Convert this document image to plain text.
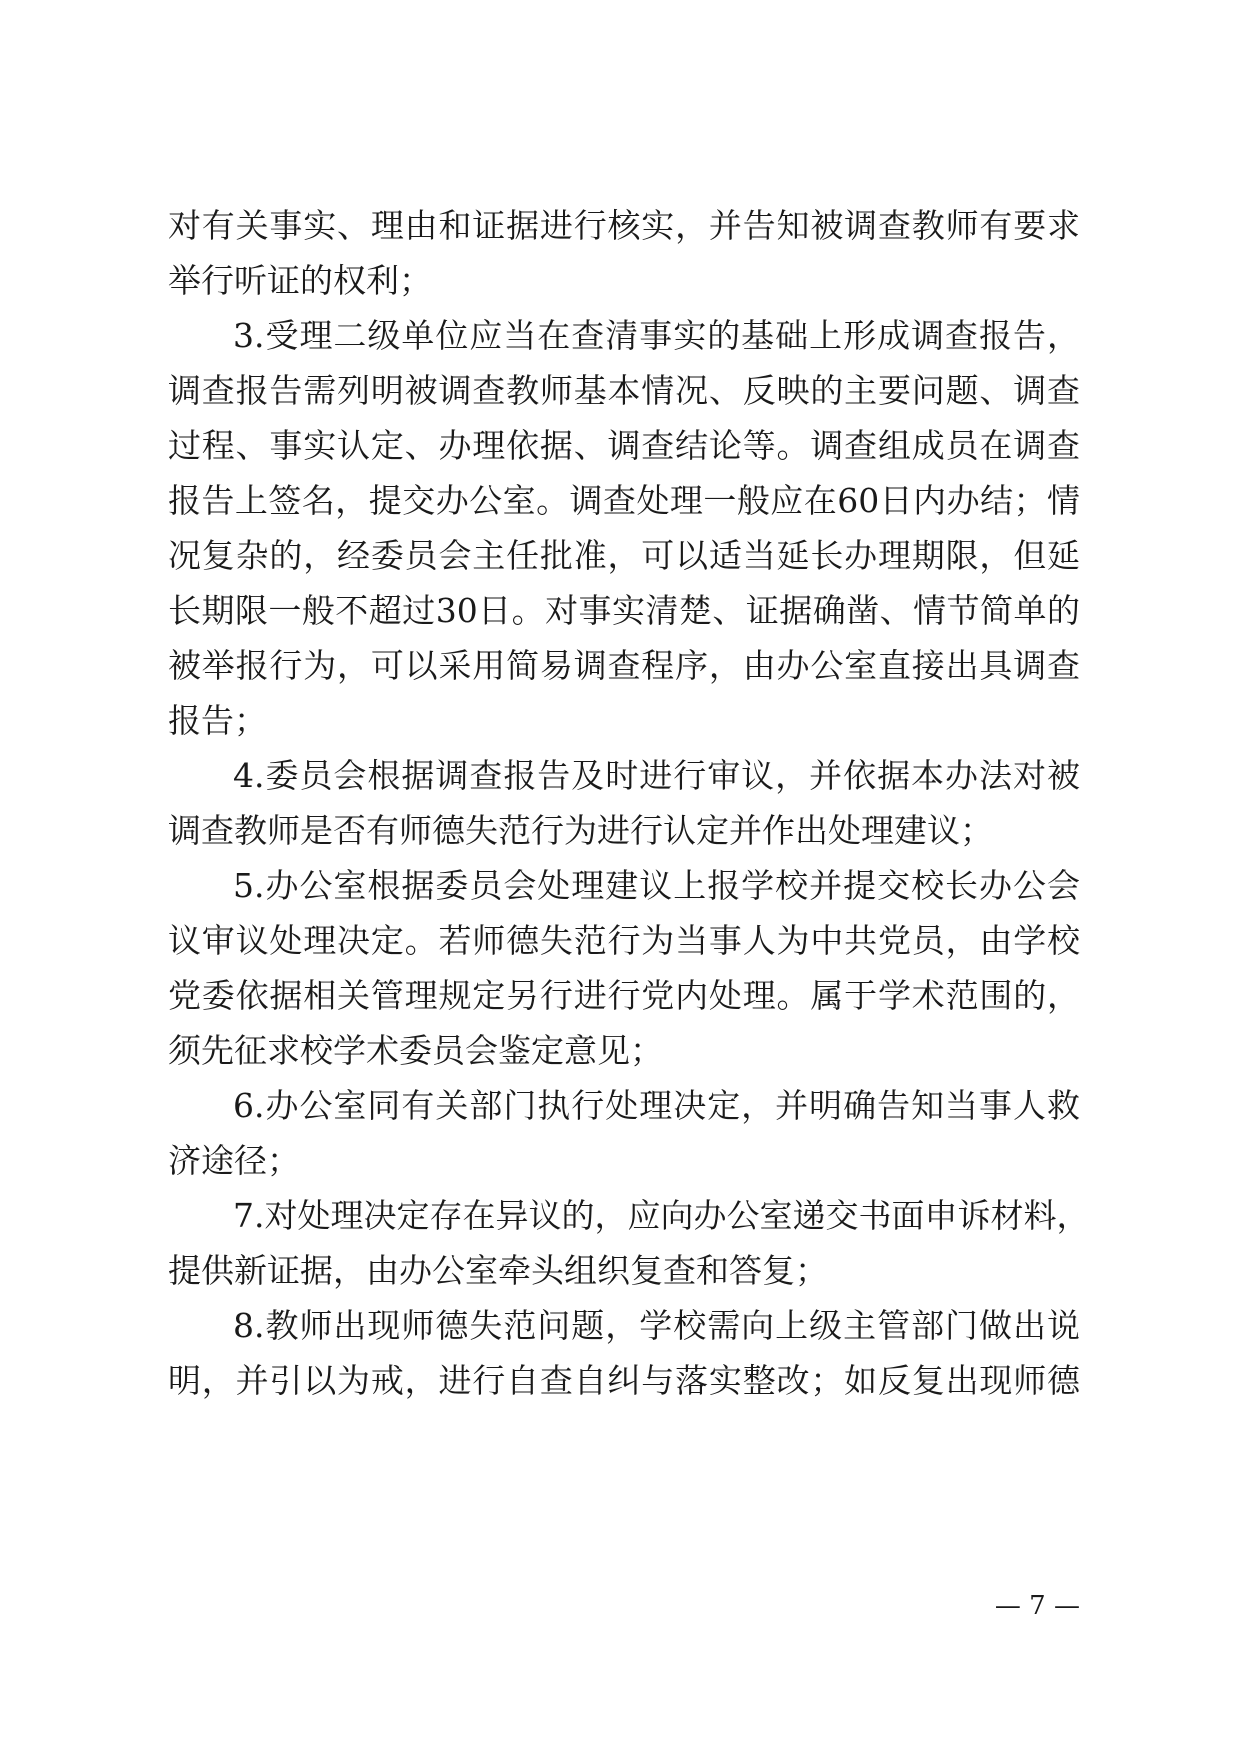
对有关事实、理由和证据进行核实，并告知被调查教师有要求
举行听证的权利；
3.受理二级单位应当在查清事实的基础上形成调查报告，
调查报告需列明被调查教师基本情况、反映的主要问题、调查
过程、事实认定、办理依据、调查结论等。调查组成员在调查
报告上签名，提交办公室。调查处理一般应在60日内办结；情
况复杂的，经委员会主任批准，可以适当延长办理期限，但延
长期限一般不超过30日。对事实清楚、证据确凿、情节简单的
被举报行为，可以采用简易调查程序，由办公室直接出具调查
报告；
4.委员会根据调查报告及时进行审议，并依据本办法对被
调查教师是否有师德失范行为进行认定并作出处理建议；
5.办公室根据委员会处理建议上报学校并提交校长办公会
议审议处理决定。若师德失范行为当事人为中共党员，由学校
党委依据相关管理规定另行进行党内处理。属于学术范围的，
须先征求校学术委员会鉴定意见；
6.办公室同有关部门执行处理决定，并明确告知当事人救
济途径；
7.对处理决定存在异议的，应向办公室递交书面申诉材料，
提供新证据，由办公室牵头组织复查和答复；
8.教师出现师德失范问题，学校需向上级主管部门做出说
明，并引以为戒，进行自查自纠与落实整改；如反复出现师德
— 7 —
